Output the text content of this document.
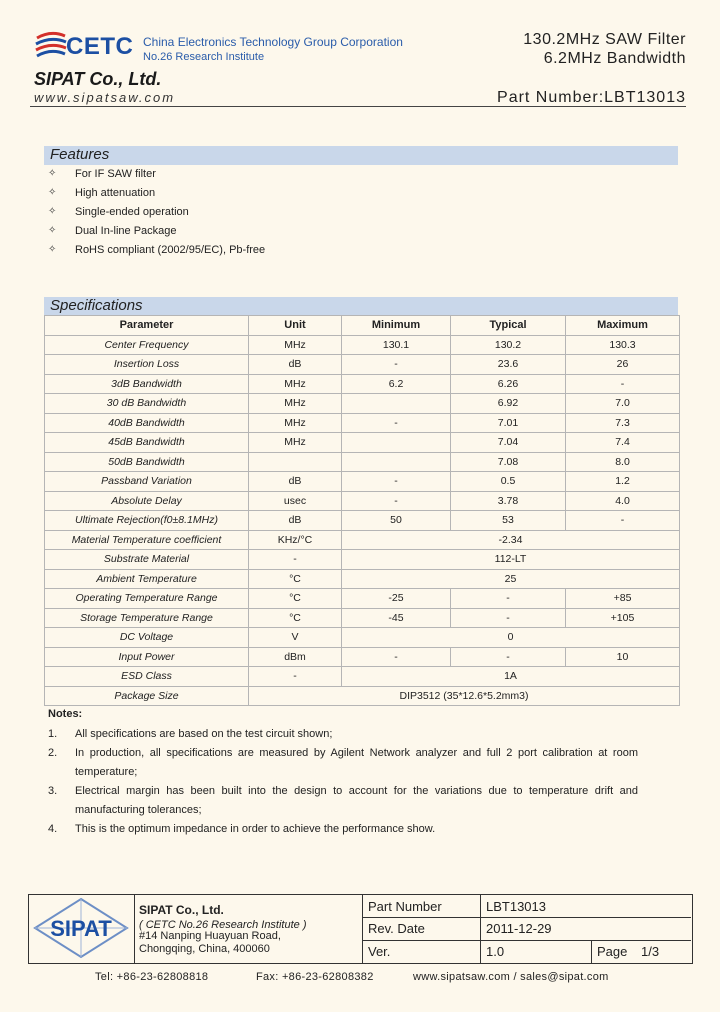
CETC China Electronics Technology Group Corporation
No.26 Research Institute
SIPAT Co., Ltd.
www.sipatsaw.com
130.2MHz SAW Filter
6.2MHz Bandwidth
Part Number:LBT13013
Features
✧ For IF SAW filter
✧ High attenuation
✧ Single-ended operation
✧ Dual In-line Package
✧ RoHS compliant (2002/95/EC), Pb-free
Specifications
Parameter	Unit	Minimum	Typical	Maximum
Center Frequency	MHz	130.1	130.2	130.3
Insertion Loss	dB	-	23.6	26
3dB Bandwidth	MHz	6.2	6.26	-
30 dB Bandwidth	MHz		6.92	7.0
40dB Bandwidth	MHz	-	7.01	7.3
45dB Bandwidth	MHz		7.04	7.4
50dB Bandwidth			7.08	8.0
Passband Variation	dB	-	0.5	1.2
Absolute Delay	usec	-	3.78	4.0
Ultimate Rejection(f0±8.1MHz)	dB	50	53	-
Material Temperature coefficient	KHz/°C	-2.34		
Substrate Material	-	112-LT		
Ambient Temperature	°C	25		
Operating Temperature Range	°C	-25	-	+85
Storage Temperature Range	°C	-45	-	+105
DC Voltage	V	0		
Input Power	dBm	-	-	10
ESD Class	-	1A		
Package Size	DIP3512 (35*12.6*5.2mm3)			
Notes:
1. All specifications are based on the test circuit shown;
2. In production, all specifications are measured by Agilent Network analyzer and full 2 port calibration at room temperature;
3. Electrical margin has been built into the design to account for the variations due to temperature drift and manufacturing tolerances;
4. This is the optimum impedance in order to achieve the performance show.
SIPAT
SIPAT Co., Ltd.
( CETC No.26 Research Institute )
#14 Nanping Huayuan Road,
Chongqing, China, 400060
Part Number	LBT13013
Rev. Date	2011-12-29
Ver.	1.0	Page 1/3
Tel: +86-23-62808818	Fax: +86-23-62808382	www.sipatsaw.com / sales@sipat.com
